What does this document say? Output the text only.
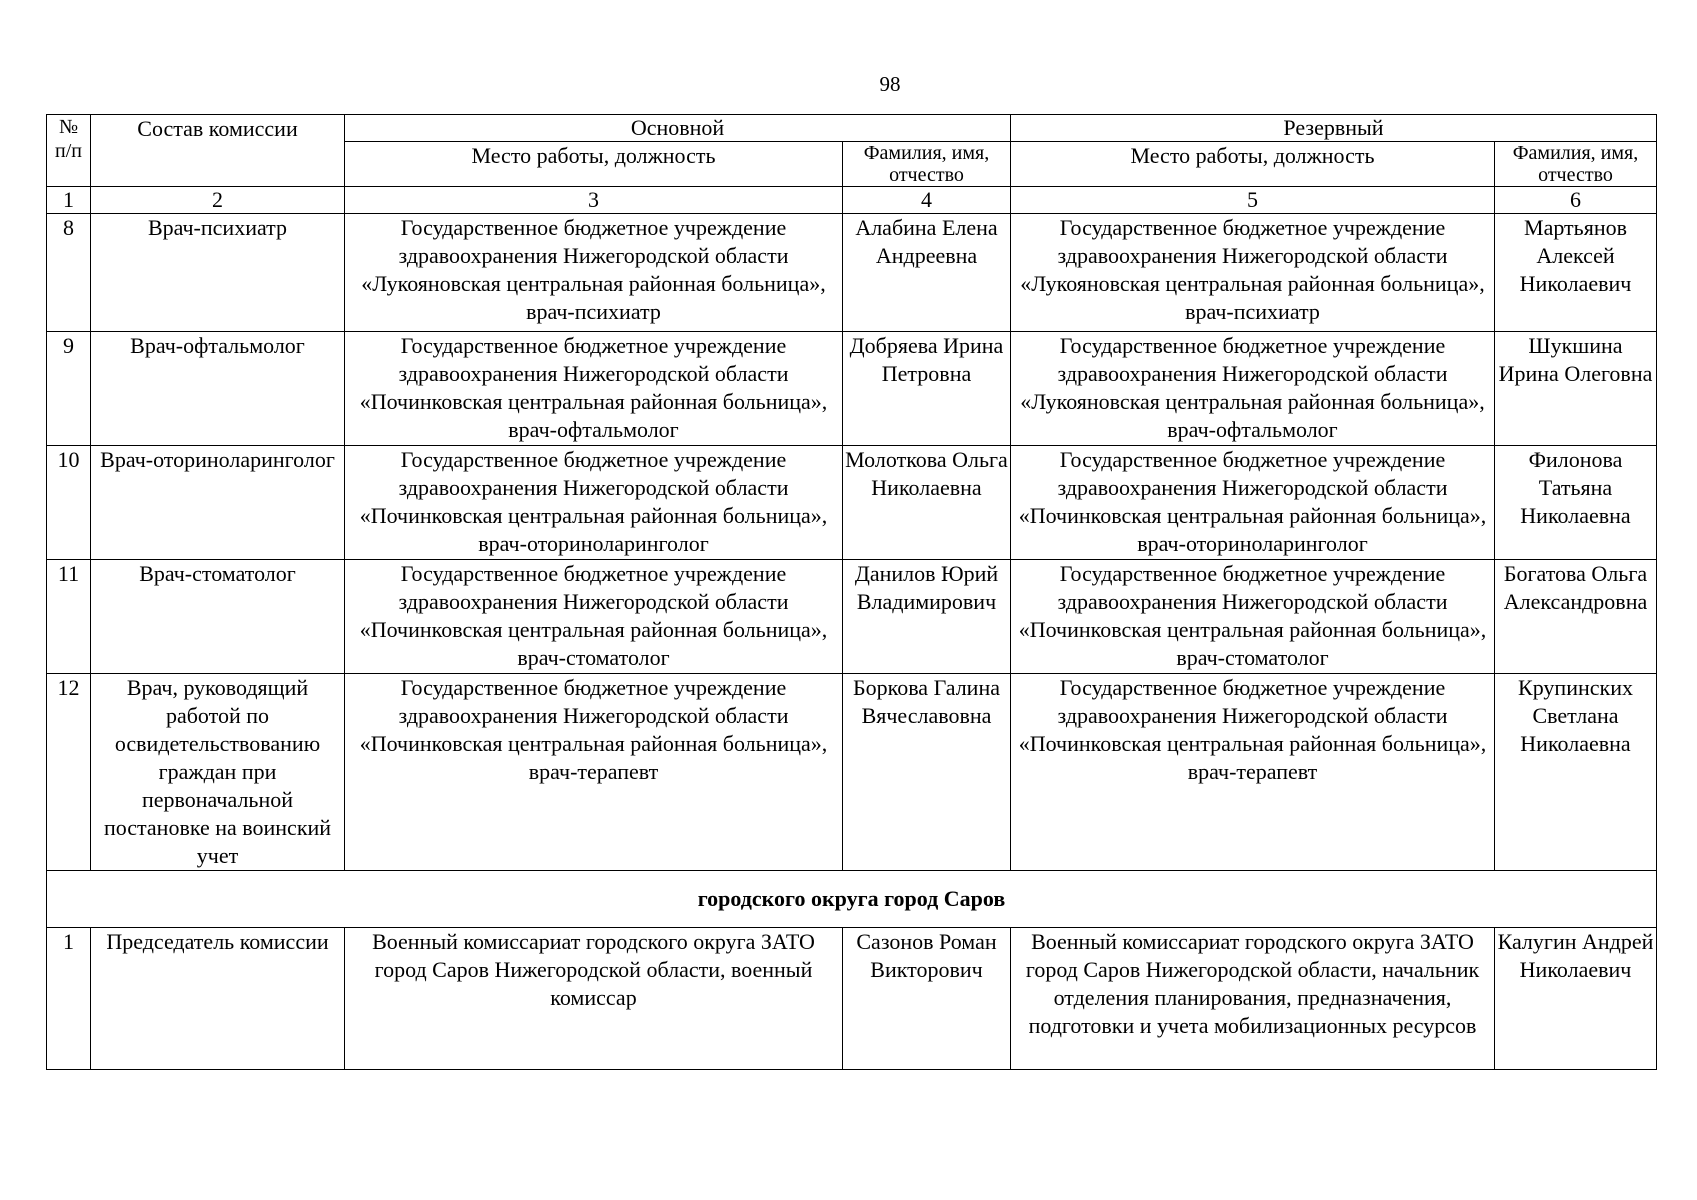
98
№ п/п	Состав комиссии	Основной		Резервный	
		Место работы, должность	Фамилия, имя, отчество	Место работы, должность	Фамилия, имя, отчество
1	2	3	4	5	6
8	Врач-психиатр	Государственное бюджетное учреждение здравоохранения Нижегородской области «Лукояновская центральная районная больница», врач-психиатр	Алабина Елена Андреевна	Государственное бюджетное учреждение здравоохранения Нижегородской области «Лукояновская центральная районная больница», врач-психиатр	Мартьянов Алексей Николаевич
9	Врач-офтальмолог	Государственное бюджетное учреждение здравоохранения Нижегородской области «Починковская центральная районная больница», врач-офтальмолог	Добряева Ирина Петровна	Государственное бюджетное учреждение здравоохранения Нижегородской области «Лукояновская центральная районная больница», врач-офтальмолог	Шукшина Ирина Олеговна
10	Врач-оториноларинголог	Государственное бюджетное учреждение здравоохранения Нижегородской области «Починковская центральная районная больница», врач-оториноларинголог	Молоткова Ольга Николаевна	Государственное бюджетное учреждение здравоохранения Нижегородской области «Починковская центральная районная больница», врач-оториноларинголог	Филонова Татьяна Николаевна
11	Врач-стоматолог	Государственное бюджетное учреждение здравоохранения Нижегородской области «Починковская центральная районная больница», врач-стоматолог	Данилов Юрий Владимирович	Государственное бюджетное учреждение здравоохранения Нижегородской области «Починковская центральная районная больница», врач-стоматолог	Богатова Ольга Александровна
12	Врач, руководящий работой по освидетельствованию граждан при первоначальной постановке на воинский учет	Государственное бюджетное учреждение здравоохранения Нижегородской области «Починковская центральная районная больница», врач-терапевт	Боркова Галина Вячеславовна	Государственное бюджетное учреждение здравоохранения Нижегородской области «Починковская центральная районная больница», врач-терапевт	Крупинских Светлана Николаевна
городского округа город Саров					
1	Председатель комиссии	Военный комиссариат городского округа ЗАТО город Саров Нижегородской области, военный комиссар	Сазонов Роман Викторович	Военный комиссариат городского округа ЗАТО город Саров Нижегородской области, начальник отделения планирования, предназначения, подготовки и учета мобилизационных ресурсов	Калугин Андрей Николаевич
